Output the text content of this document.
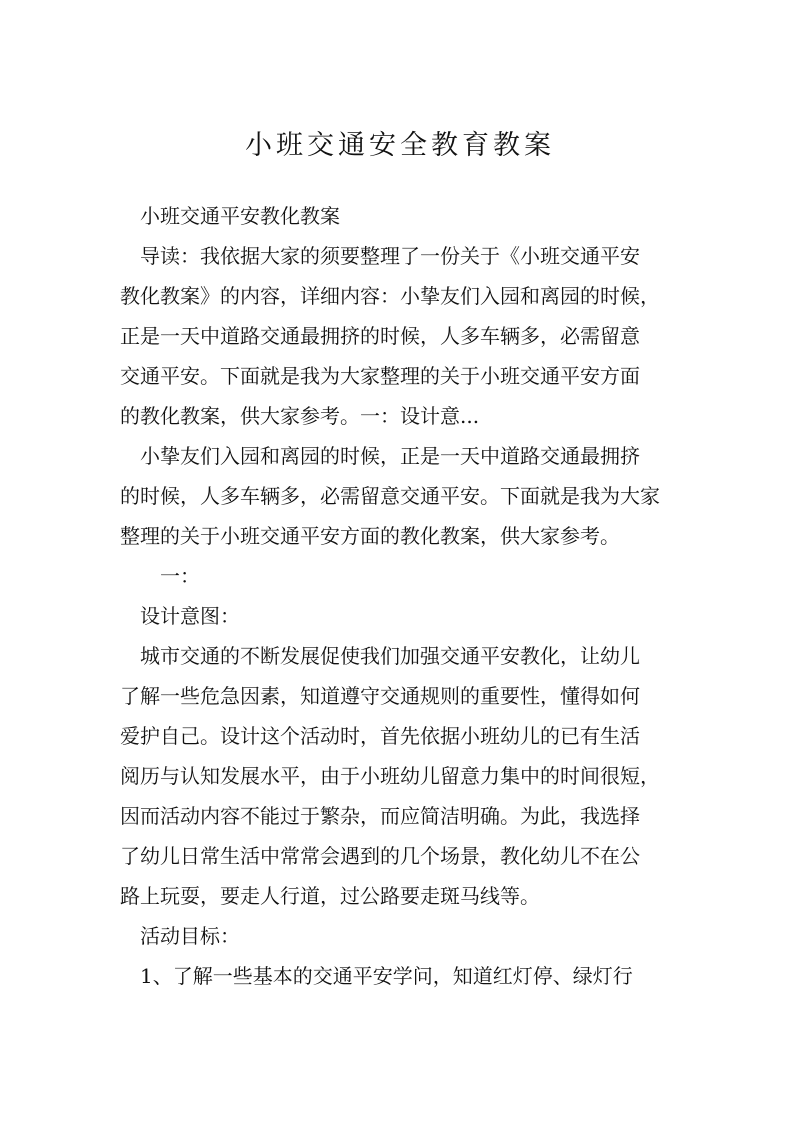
小班交通安全教育教案

　小班交通平安教化教案

　导读：我依据大家的须要整理了一份关于《小班交通平安

教化教案》的内容，详细内容：小挚友们入园和离园的时候，

正是一天中道路交通最拥挤的时候，人多车辆多，必需留意

交通平安。下面就是我为大家整理的关于小班交通平安方面

的教化教案，供大家参考。一：设计意...

　小挚友们入园和离园的时候，正是一天中道路交通最拥挤

的时候，人多车辆多，必需留意交通平安。下面就是我为大家

整理的关于小班交通平安方面的教化教案，供大家参考。

　　一：

　设计意图：

　城市交通的不断发展促使我们加强交通平安教化，让幼儿

了解一些危急因素，知道遵守交通规则的重要性，懂得如何

爱护自己。设计这个活动时，首先依据小班幼儿的已有生活

阅历与认知发展水平，由于小班幼儿留意力集中的时间很短，

因而活动内容不能过于繁杂，而应简洁明确。为此，我选择

了幼儿日常生活中常常会遇到的几个场景，教化幼儿不在公

路上玩耍，要走人行道，过公路要走斑马线等。

　活动目标：

　1、了解一些基本的交通平安学问，知道红灯停、绿灯行
